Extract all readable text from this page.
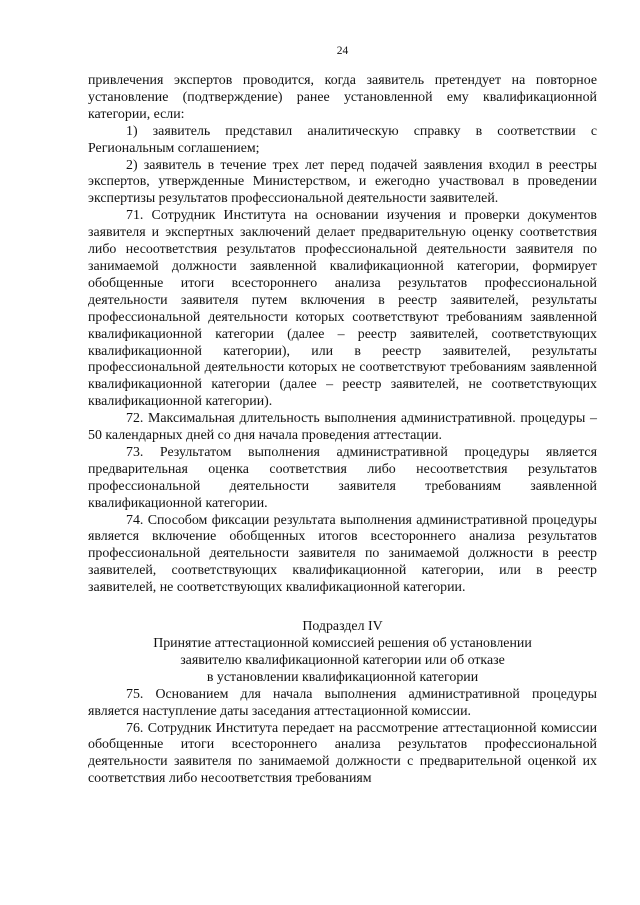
24

привлечения экспертов проводится, когда заявитель претендует на повторное установление (подтверждение) ранее установленной ему квалификационной категории, если:

1) заявитель представил аналитическую справку в соответствии с Региональным соглашением;

2) заявитель в течение трех лет перед подачей заявления входил в реестры экспертов, утвержденные Министерством, и ежегодно участвовал в проведении экспертизы результатов профессиональной деятельности заявителей.

71. Сотрудник Института на основании изучения и проверки документов заявителя и экспертных заключений делает предварительную оценку соответствия либо несоответствия результатов профессиональной деятельности заявителя по занимаемой должности заявленной квалификационной категории, формирует обобщенные итоги всестороннего анализа результатов профессиональной деятельности заявителя путем включения в реестр заявителей, результаты профессиональной деятельности которых соответствуют требованиям заявленной квалификационной категории (далее – реестр заявителей, соответствующих квалификационной категории), или в реестр заявителей, результаты профессиональной деятельности которых не соответствуют требованиям заявленной квалификационной категории (далее – реестр заявителей, не соответствующих квалификационной категории).

72. Максимальная длительность выполнения административной. процедуры – 50 календарных дней со дня начала проведения аттестации.

73. Результатом выполнения административной процедуры является предварительная оценка соответствия либо несоответствия результатов профессиональной деятельности заявителя требованиям заявленной квалификационной категории.

74. Способом фиксации результата выполнения административной процедуры является включение обобщенных итогов всестороннего анализа результатов профессиональной деятельности заявителя по занимаемой должности в реестр заявителей, соответствующих квалификационной категории, или в реестр заявителей, не соответствующих квалификационной категории.

Подраздел IV

Принятие аттестационной комиссией решения об установлении

заявителю квалификационной категории или об отказе

в установлении квалификационной категории

75. Основанием для начала выполнения административной процедуры является наступление даты заседания аттестационной комиссии.

76. Сотрудник Института передает на рассмотрение аттестационной комиссии обобщенные итоги всестороннего анализа результатов профессиональной деятельности заявителя по занимаемой должности с предварительной оценкой их соответствия либо несоответствия требованиям
